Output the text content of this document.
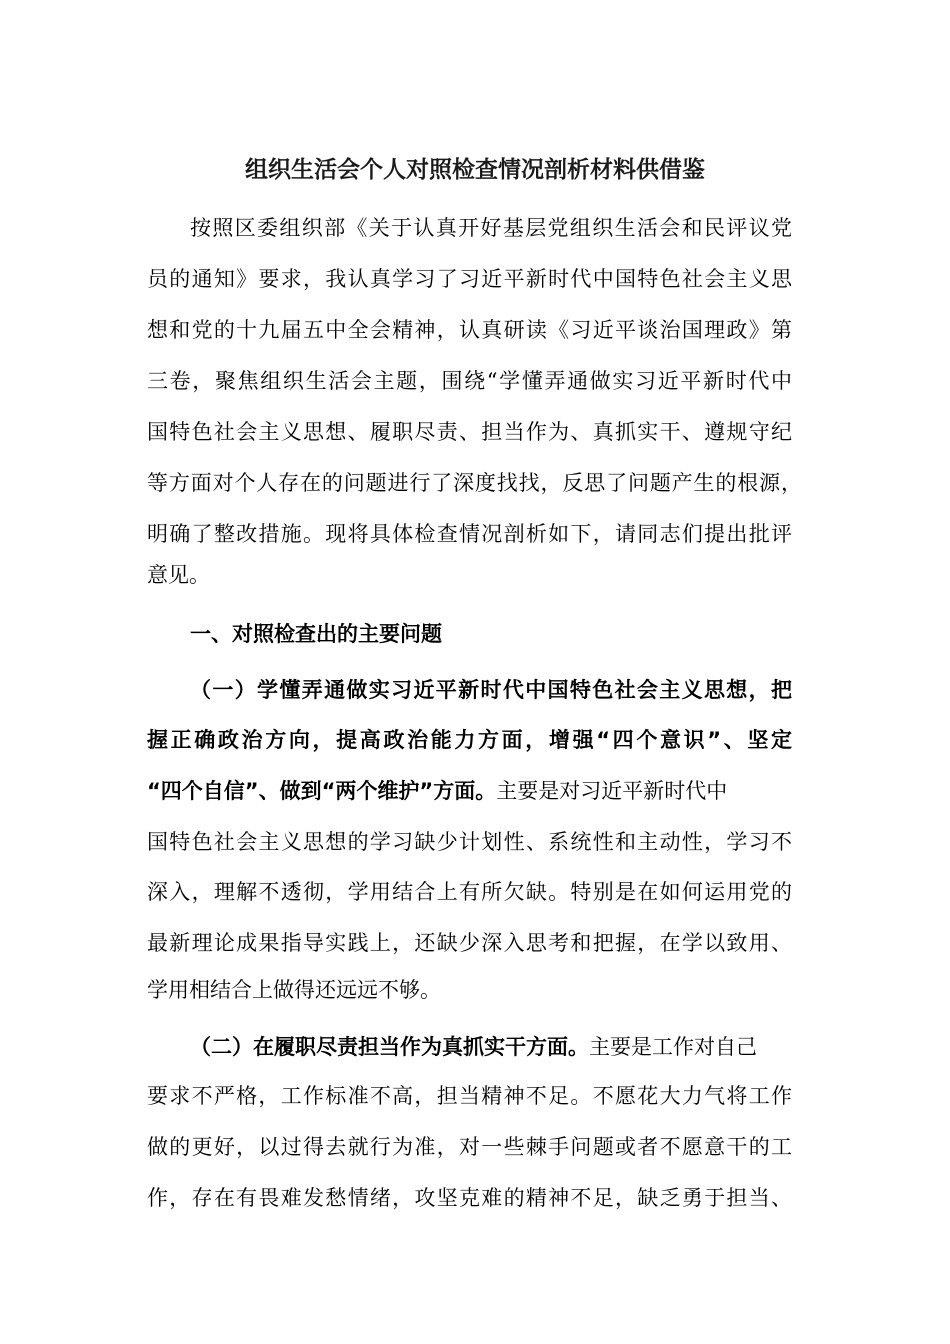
组织生活会个人对照检查情况剖析材料供借鉴
按照区委组织部《关于认真开好基层党组织生活会和民评议党
员的通知》要求，我认真学习了习近平新时代中国特色社会主义思
想和党的十九届五中全会精神，认真研读《习近平谈治国理政》第
三卷，聚焦组织生活会主题，围绕“学懂弄通做实习近平新时代中
国特色社会主义思想、履职尽责、担当作为、真抓实干、遵规守纪
等方面对个人存在的问题进行了深度找找，反思了问题产生的根源，
明确了整改措施。现将具体检查情况剖析如下，请同志们提出批评
意见。
一、对照检查出的主要问题
（一）学懂弄通做实习近平新时代中国特色社会主义思想，把
握正确政治方向，提高政治能力方面，增强“四个意识”、坚定
“四个自信”、做到“两个维护”方面。主要是对习近平新时代中
国特色社会主义思想的学习缺少计划性、系统性和主动性，学习不
深入，理解不透彻，学用结合上有所欠缺。特别是在如何运用党的
最新理论成果指导实践上，还缺少深入思考和把握，在学以致用、
学用相结合上做得还远远不够。
（二）在履职尽责担当作为真抓实干方面。主要是工作对自己
要求不严格，工作标准不高，担当精神不足。不愿花大力气将工作
做的更好，以过得去就行为准，对一些棘手问题或者不愿意干的工
作，存在有畏难发愁情绪，攻坚克难的精神不足，缺乏勇于担当、
